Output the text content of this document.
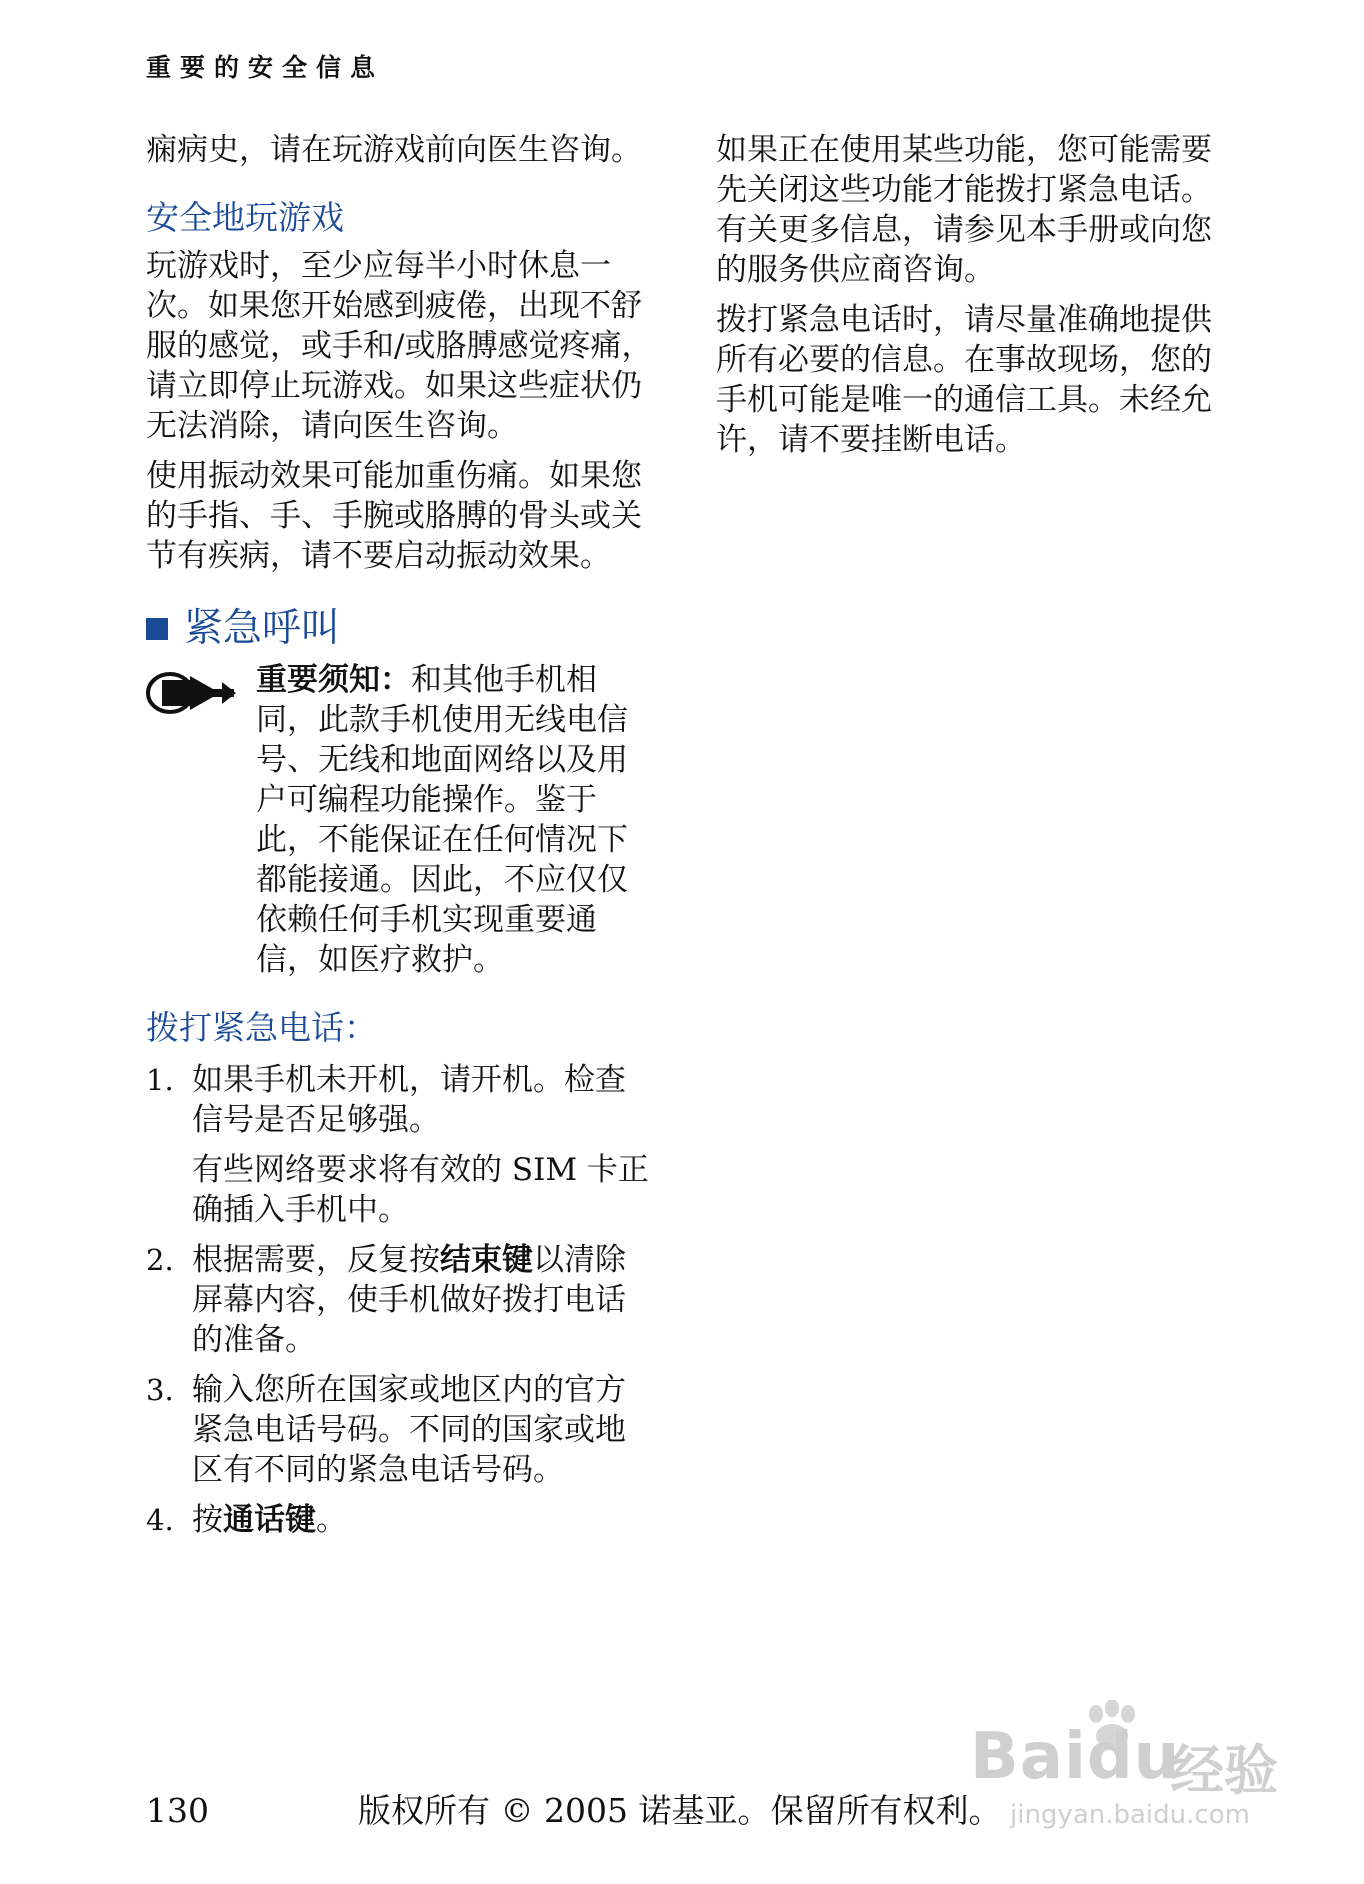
重要的安全信息

痫病史，请在玩游戏前向医生咨询。

安全地玩游戏

玩游戏时，至少应每半小时休息一次。如果您开始感到疲倦，出现不舒服的感觉，或手和/或胳膊感觉疼痛，请立即停止玩游戏。如果这些症状仍无法消除，请向医生咨询。

使用振动效果可能加重伤痛。如果您的手指、手、手腕或胳膊的骨头或关节有疾病，请不要启动振动效果。

紧急呼叫

重要须知：和其他手机相同，此款手机使用无线电信号、无线和地面网络以及用户可编程功能操作。鉴于此，不能保证在任何情况下都能接通。因此，不应仅仅依赖任何手机实现重要通信，如医疗救护。

拨打紧急电话：
1. 如果手机未开机，请开机。检查信号是否足够强。

有些网络要求将有效的 SIM 卡正确插入手机中。

2. 根据需要，反复按结束键以清除屏幕内容，使手机做好拨打电话的准备。

3. 输入您所在国家或地区内的官方紧急电话号码。不同的国家或地区有不同的紧急电话号码。

4. 按通话键。

如果正在使用某些功能，您可能需要先关闭这些功能才能拨打紧急电话。有关更多信息，请参见本手册或向您的服务供应商咨询。

拨打紧急电话时，请尽量准确地提供所有必要的信息。在事故现场，您的手机可能是唯一的通信工具。未经允许，请不要挂断电话。

Baidu
经验
jingyan.baidu.com
130	版权所有 © 2005 诺基亚。保留所有权利。
